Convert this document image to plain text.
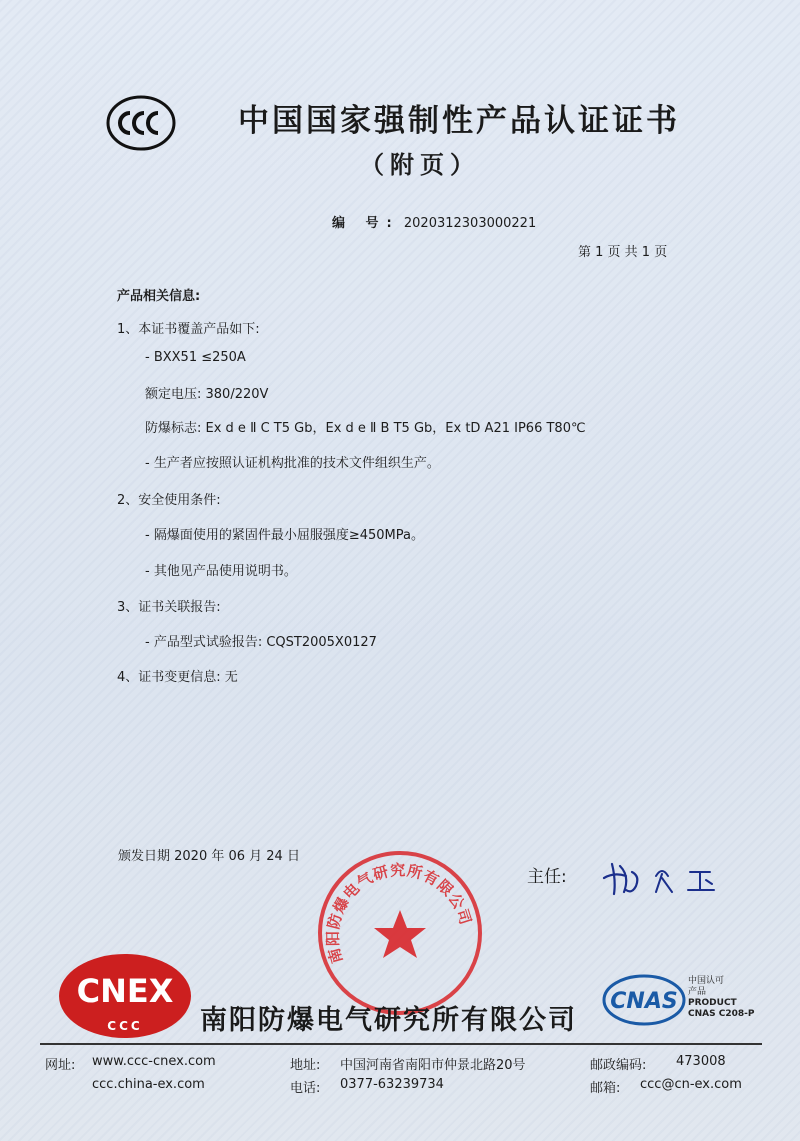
中国国家强制性产品认证证书
（附页）
编 号: 2020312303000221
第 1 页 共 1 页
产品相关信息:
1、本证书覆盖产品如下:
- BXX51 ≤250A
额定电压: 380/220V
防爆标志: Ex d e Ⅱ C T5 Gb，Ex d e Ⅱ B T5 Gb，Ex tD A21 IP66 T80℃
- 生产者应按照认证机构批准的技术文件组织生产。
2、安全使用条件:
- 隔爆面使用的紧固件最小屈服强度≥450MPa。
- 其他见产品使用说明书。
3、证书关联报告:
- 产品型式试验报告: CQST2005X0127
4、证书变更信息: 无
颁发日期 2020 年 06 月 24 日
南阳防爆电气研究所有限公司
主任:
CNEX
CCC 南阳防爆电气研究所有限公司
CNAS
中国认可
产品
PRODUCT
CNAS C208-P
网址: www.ccc-cnex.com
ccc.china-ex.com
地址: 中国河南省南阳市仲景北路20号
电话: 0377-63239734
邮政编码: 473008
邮箱: ccc@cn-ex.com
